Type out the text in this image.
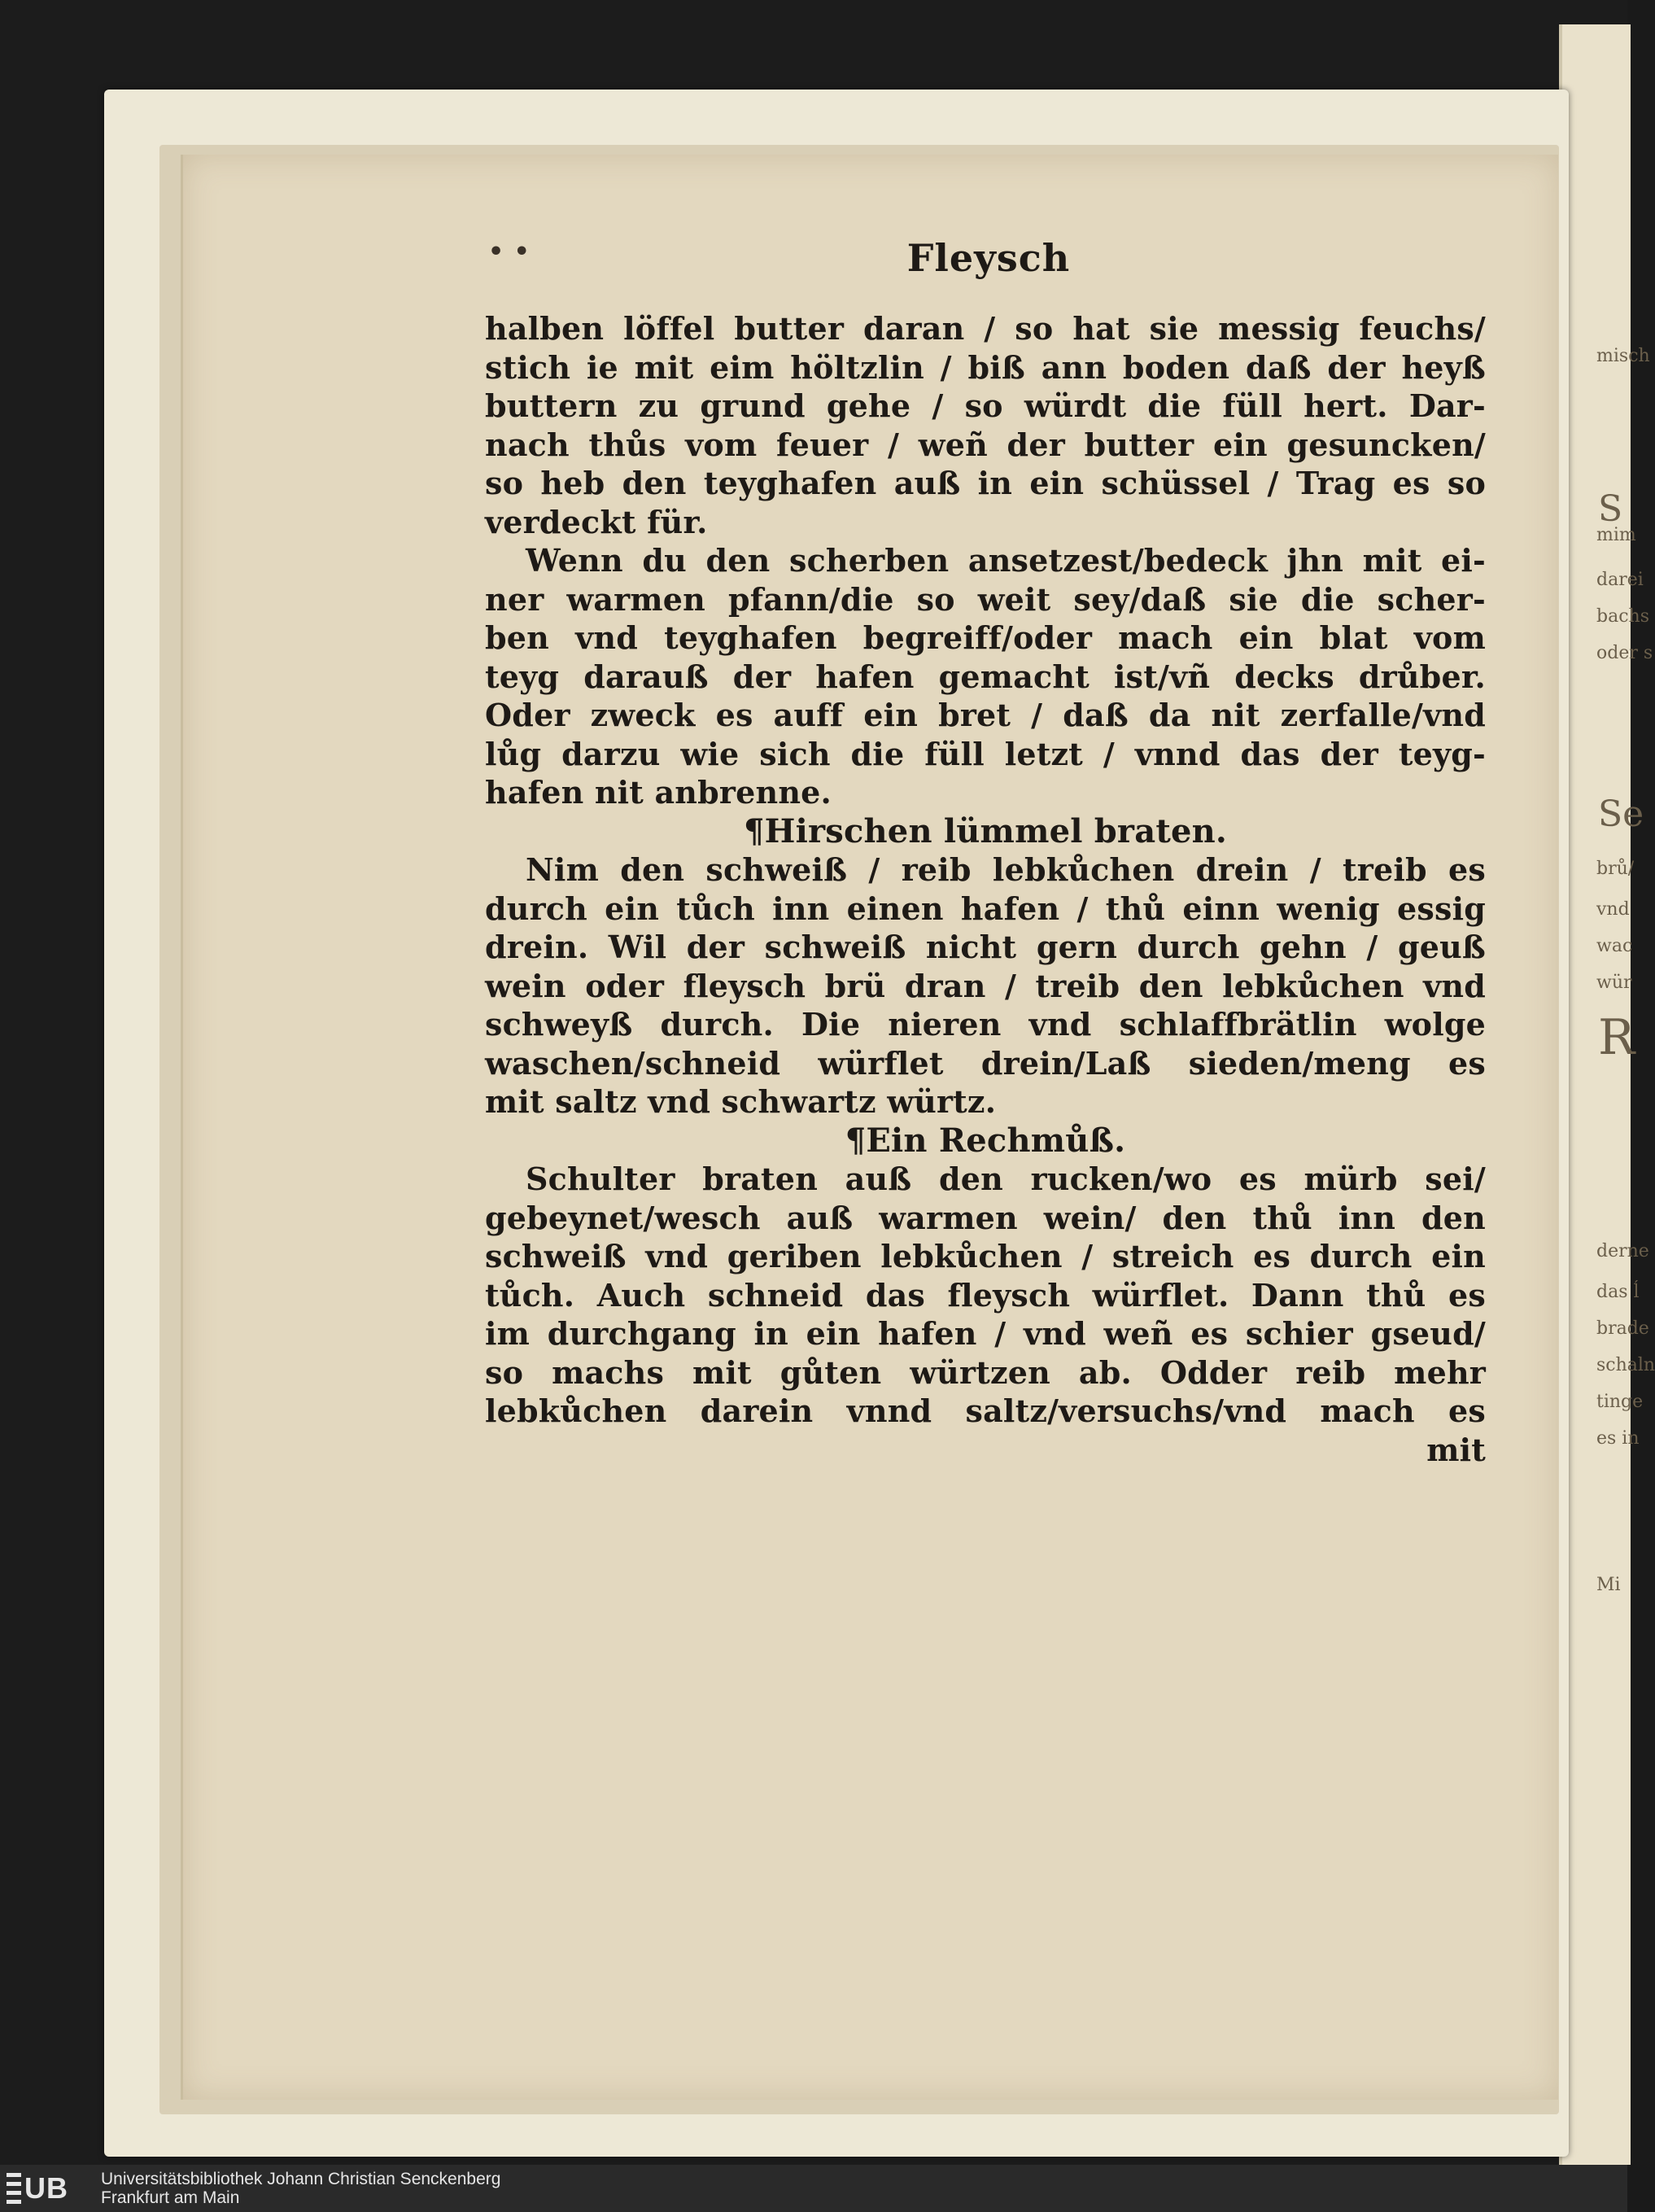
misch
S
mim
darei
bachs
oder s
Se
brů/
vnd
wac
wür
R
derne
das ĺ
brade
schaln
tinge
es in
Mi
• •	Fleysch
halben löffel butter daran / so hat sie messig feuchs/
stich ie mit eim höltzlin / biß ann boden daß der heyß
buttern zu grund gehe / so würdt die füll hert. Dar-
nach thůs vom feuer / weñ der butter ein gesuncken/
so heb den teyghafen auß in ein schüssel / Trag es so
verdeckt für.
Wenn du den scherben ansetzest/bedeck jhn mit ei-
ner warmen pfann/die so weit sey/daß sie die scher-
ben vnd teyghafen begreiff/oder mach ein blat vom
teyg darauß der hafen gemacht ist/vñ decks drůber.
Oder zweck es auff ein bret / daß da nit zerfalle/vnd
lůg darzu wie sich die füll letzt / vnnd das der teyg-
hafen nit anbrenne.
¶Hirschen lümmel braten.
Nim den schweiß / reib lebkůchen drein / treib es
durch ein tůch inn einen hafen / thů einn wenig essig
drein. Wil der schweiß nicht gern durch gehn / geuß
wein oder fleysch brü dran / treib den lebkůchen vnd
schweyß durch. Die nieren vnd schlaffbrätlin wolge
waschen/schneid würflet drein/Laß sieden/meng es
mit saltz vnd schwartz würtz.
¶Ein Rechmůß.
Schulter braten auß den rucken/wo es mürb sei/
gebeynet/wesch auß warmen wein/ den thů inn den
schweiß vnd geriben lebkůchen / streich es durch ein
tůch. Auch schneid das fleysch würflet. Dann thů es
im durchgang in ein hafen / vnd weñ es schier gseud/
so machs mit gůten würtzen ab. Odder reib mehr
lebkůchen darein vnnd saltz/versuchs/vnd mach es
mit
UB Universitätsbibliothek Johann Christian Senckenberg
Frankfurt am Main
